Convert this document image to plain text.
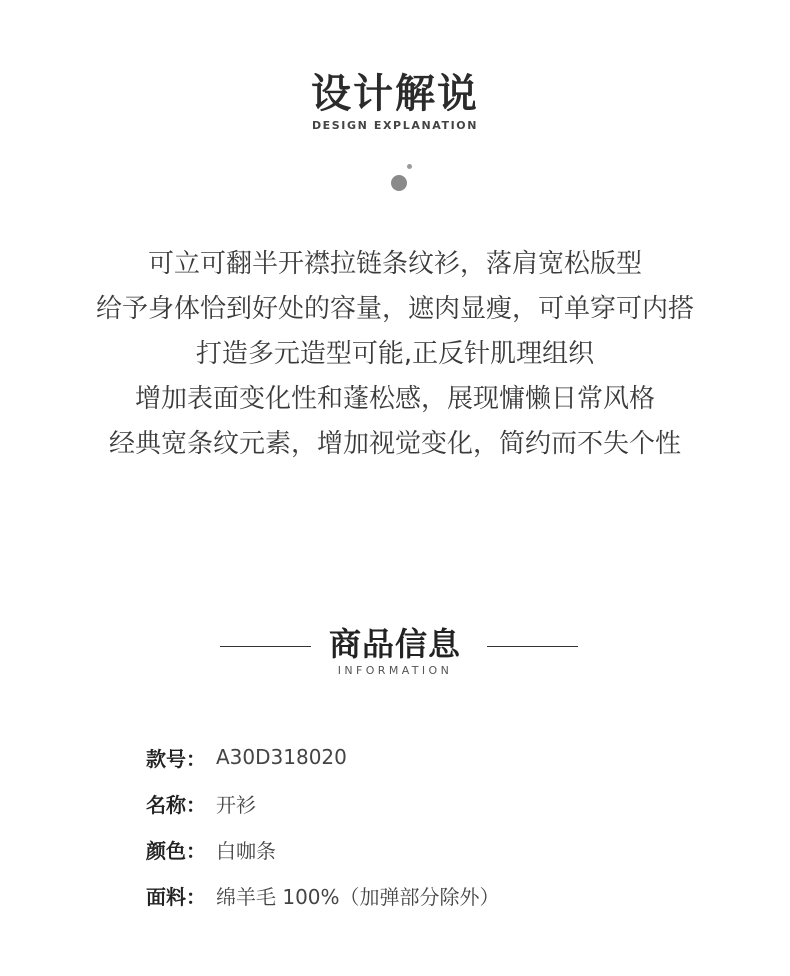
设计解说
DESIGN EXPLANATION
可立可翻半开襟拉链条纹衫，落肩宽松版型
给予身体恰到好处的容量，遮肉显瘦，可单穿可内搭
打造多元造型可能,正反针肌理组织
增加表面变化性和蓬松感，展现慵懒日常风格
经典宽条纹元素，增加视觉变化，简约而不失个性
商品信息
INFORMATION
款号： A30D318020
名称： 开衫
颜色： 白咖条
面料： 绵羊毛 100%（加弹部分除外）
